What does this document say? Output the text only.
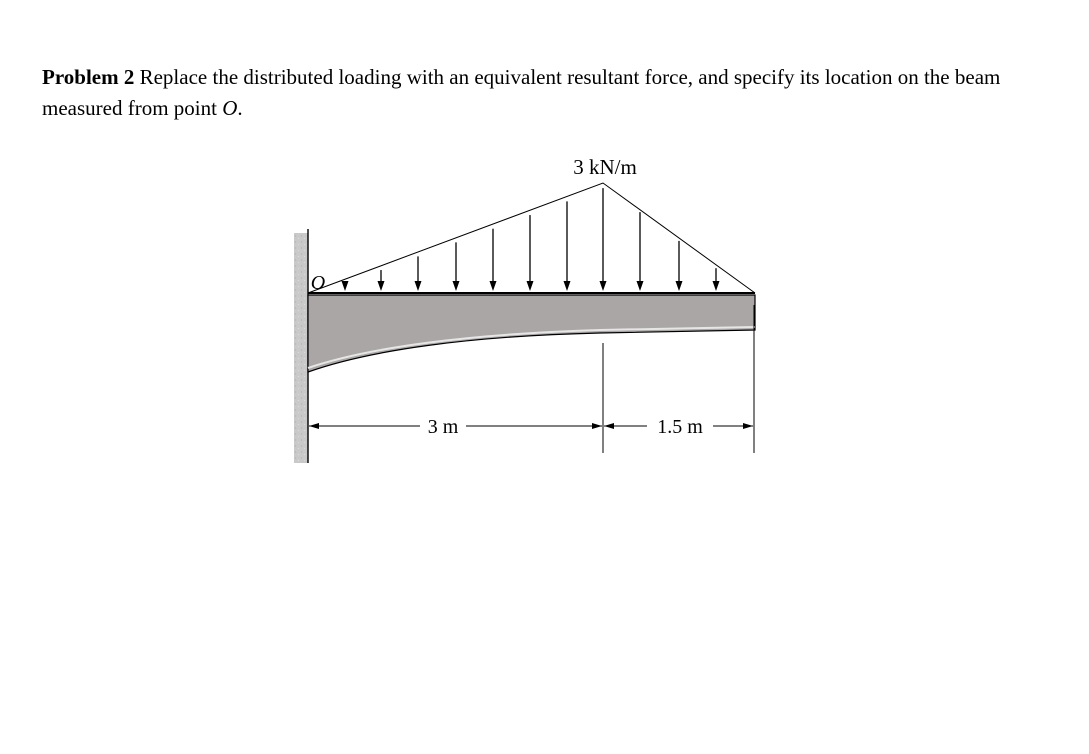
Problem 2 Replace the distributed loading with an equivalent resultant force, and specify its location on the beam measured from point O.

3 kN/m
O
3 m	1.5 m
